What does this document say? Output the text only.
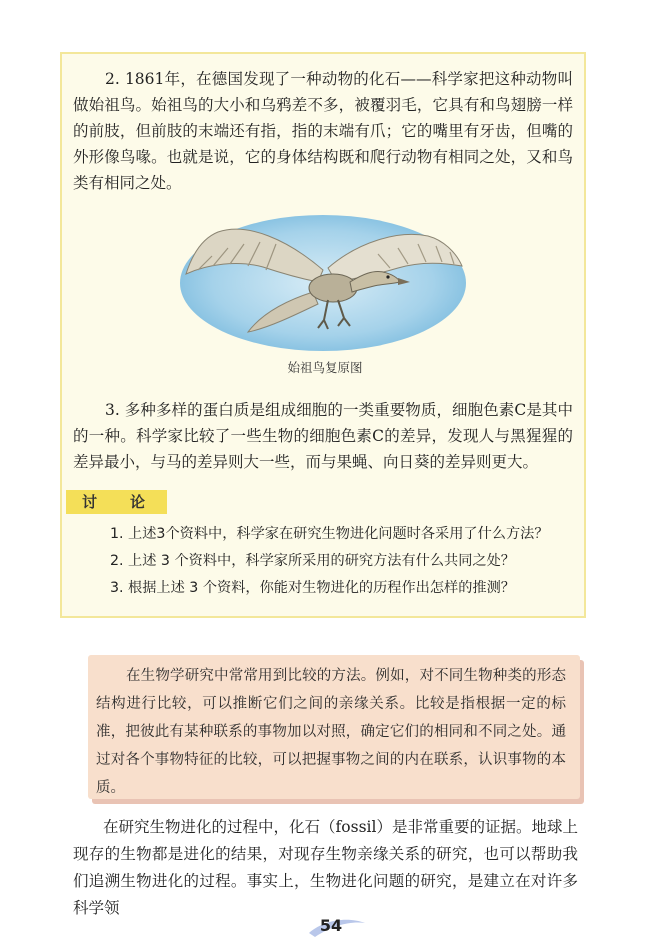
2. 1861年，在德国发现了一种动物的化石——科学家把这种动物叫做始祖鸟。始祖鸟的大小和乌鸦差不多，被覆羽毛，它具有和鸟翅膀一样的前肢，但前肢的末端还有指，指的末端有爪；它的嘴里有牙齿，但嘴的外形像鸟喙。也就是说，它的身体结构既和爬行动物有相同之处，又和鸟类有相同之处。

始祖鸟复原图

3. 多种多样的蛋白质是组成细胞的一类重要物质，细胞色素C是其中的一种。科学家比较了一些生物的细胞色素C的差异，发现人与黑猩猩的差异最小，与马的差异则大一些，而与果蝇、向日葵的差异则更大。

讨 论

1. 上述3个资料中，科学家在研究生物进化问题时各采用了什么方法？

2. 上述 3 个资料中，科学家所采用的研究方法有什么共同之处？

3. 根据上述 3 个资料，你能对生物进化的历程作出怎样的推测？

在生物学研究中常常用到比较的方法。例如，对不同生物种类的形态结构进行比较，可以推断它们之间的亲缘关系。比较是指根据一定的标准，把彼此有某种联系的事物加以对照，确定它们的相同和不同之处。通过对各个事物特征的比较，可以把握事物之间的内在联系，认识事物的本质。

在研究生物进化的过程中，化石（fossil）是非常重要的证据。地球上现存的生物都是进化的结果，对现存生物亲缘关系的研究，也可以帮助我们追溯生物进化的过程。事实上，生物进化问题的研究，是建立在对许多科学领

54
